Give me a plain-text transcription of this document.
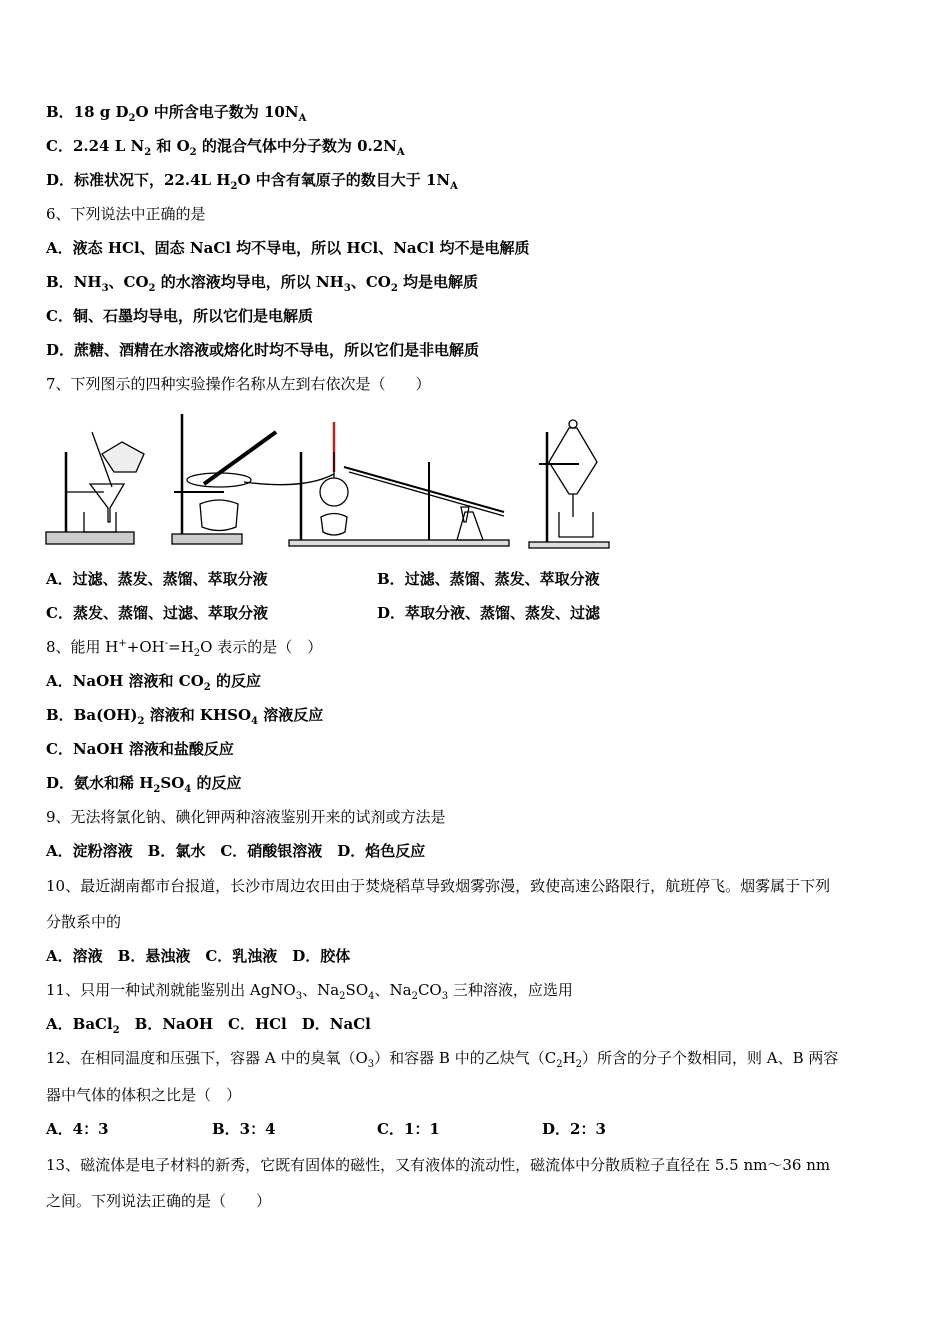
B．18 g $D_2O$ 中所含电子数为 $10N_A$
C．2.24 L $N_2$ 和 $O_2$ 的混合气体中分子数为 $0.2N_A$
D．标准状况下，22.4L $H_2O$ 中含有氧原子的数目大于 $1N_A$
6、下列说法中正确的是
A．液态 HCl、固态 NaCl 均不导电，所以 HCl、NaCl 均不是电解质
B．$NH_3$、$CO_2$ 的水溶液均导电，所以 $NH_3$、$CO_2$ 均是电解质
C．铜、石墨均导电，所以它们是电解质
D．蔗糖、酒精在水溶液或熔化时均不导电，所以它们是非电解质
7、下列图示的四种实验操作名称从左到右依次是（　　）
A．过滤、蒸发、蒸馏、萃取分液	B．过滤、蒸馏、蒸发、萃取分液
C．蒸发、蒸馏、过滤、萃取分液	D．萃取分液、蒸馏、蒸发、过滤
8、能用 $H^++OH^-=H_2O$ 表示的是（　）
A．NaOH 溶液和 $CO_2$ 的反应
B．$Ba(OH)_2$ 溶液和 $KHSO_4$ 溶液反应
C．NaOH 溶液和盐酸反应
D．氨水和稀 $H_2SO_4$ 的反应
9、无法将氯化钠、碘化钾两种溶液鉴别开来的试剂或方法是
A．淀粉溶液　B．氯水　C．硝酸银溶液　D．焰色反应
10、最近湖南都市台报道，长沙市周边农田由于焚烧稻草导致烟雾弥漫，致使高速公路限行，航班停飞。烟雾属于下列
分散系中的
A．溶液　B．悬浊液　C．乳浊液　D．胶体
11、只用一种试剂就能鉴别出 AgNO$_3$、$Na_2SO_4$、$Na_2CO_3$ 三种溶液，应选用
A．BaCl$_2$　B．NaOH　C．HCl　D．NaCl
12、在相同温度和压强下，容器 A 中的臭氧$(O_3)$和容器 B 中的乙炔气$(C_2H_2)$所含的分子个数相同，则 A、B 两容
器中气体的体积之比是（　）
A．4：3	B．3：4	C．1：1	D．2：3
13、磁流体是电子材料的新秀，它既有固体的磁性，又有液体的流动性，磁流体中分散质粒子直径在 5.5 nm～36 nm
之间。下列说法正确的是（　　）
